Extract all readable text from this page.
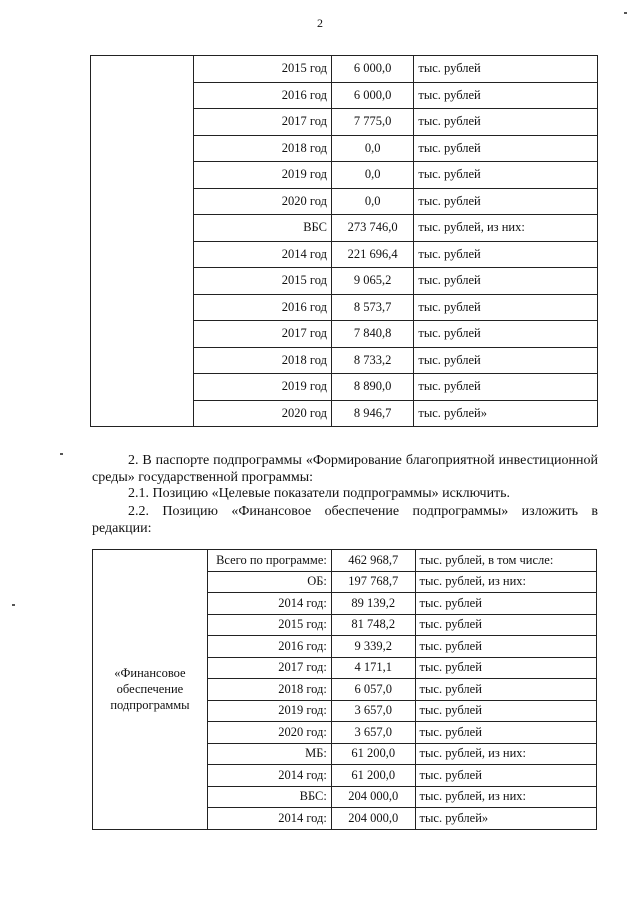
2
	2015 год	6 000,0	тыс. рублей
	2016 год	6 000,0	тыс. рублей
	2017 год	7 775,0	тыс. рублей
	2018 год	0,0	тыс. рублей
	2019 год	0,0	тыс. рублей
	2020 год	0,0	тыс. рублей
	ВБС	273 746,0	тыс. рублей, из них:
	2014 год	221 696,4	тыс. рублей
	2015 год	9 065,2	тыс. рублей
	2016 год	8 573,7	тыс. рублей
	2017 год	7 840,8	тыс. рублей
	2018 год	8 733,2	тыс. рублей
	2019 год	8 890,0	тыс. рублей
	2020 год	8 946,7	тыс. рублей»
2. В паспорте подпрограммы «Формирование благоприятной инвестиционной среды» государственной программы:
2.1. Позицию «Целевые показатели подпрограммы» исключить.
2.2. Позицию «Финансовое обеспечение подпрограммы» изложить в редакции:
«Финансовое
обеспечение
подпрограммы	Всего по программе:	462 968,7	тыс. рублей, в том числе:
	ОБ:	197 768,7	тыс. рублей, из них:
	2014 год:	89 139,2	тыс. рублей
	2015 год:	81 748,2	тыс. рублей
	2016 год:	9 339,2	тыс. рублей
	2017 год:	4 171,1	тыс. рублей
	2018 год:	6 057,0	тыс. рублей
	2019 год:	3 657,0	тыс. рублей
	2020 год:	3 657,0	тыс. рублей
	МБ:	61 200,0	тыс. рублей, из них:
	2014 год:	61 200,0	тыс. рублей
	ВБС:	204 000,0	тыс. рублей, из них:
	2014 год:	204 000,0	тыс. рублей»
